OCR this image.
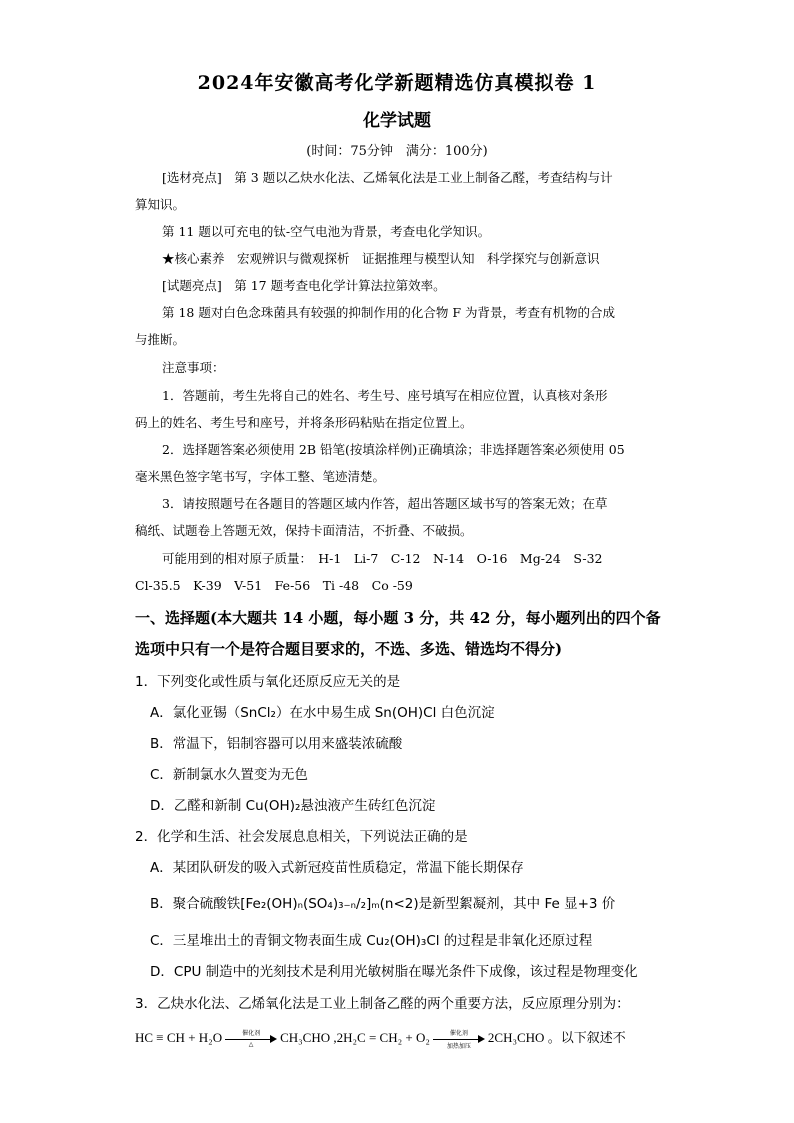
2024年安徽高考化学新题精选仿真模拟卷 1
化学试题
(时间：75分钟　满分：100分)
[选材亮点]　第 3 题以乙炔水化法、乙烯氧化法是工业上制备乙醛，考查结构与计
算知识。
第 11 题以可充电的钛-空气电池为背景，考查电化学知识。
★核心素养　宏观辨识与微观探析　证据推理与模型认知　科学探究与创新意识
[试题亮点]　第 17 题考查电化学计算法拉第效率。
第 18 题对白色念珠菌具有较强的抑制作用的化合物 F 为背景，考查有机物的合成
与推断。
注意事项：
1．答题前，考生先将自己的姓名、考生号、座号填写在相应位置，认真核对条形
码上的姓名、考生号和座号，并将条形码粘贴在指定位置上。
2．选择题答案必须使用 2B 铅笔(按填涂样例)正确填涂；非选择题答案必须使用 05
毫米黑色签字笔书写，字体工整、笔迹清楚。
3．请按照题号在各题目的答题区域内作答，超出答题区域书写的答案无效；在草
稿纸、试题卷上答题无效，保持卡面清洁，不折叠、不破损。
可能用到的相对原子质量：　H-1　Li-7　C-12　N-14　O-16　Mg-24　S-32
Cl-35.5　K-39　V-51　Fe-56　Ti -48　Co -59
一、选择题(本大题共 14 小题，每小题 3 分，共 42 分，每小题列出的四个备
选项中只有一个是符合题目要求的，不选、多选、错选均不得分)
1．下列变化或性质与氧化还原反应无关的是
A．氯化亚锡（SnCl₂）在水中易生成 Sn(OH)Cl 白色沉淀
B．常温下，铝制容器可以用来盛装浓硫酸
C．新制氯水久置变为无色
D．乙醛和新制 Cu(OH)₂悬浊液产生砖红色沉淀
2．化学和生活、社会发展息息相关，下列说法正确的是
A．某团队研发的吸入式新冠疫苗性质稳定，常温下能长期保存
B．聚合硫酸铁[Fe₂(OH)ₙ(SO₄)₃₋ₙ/₂]ₘ(n<2)是新型絮凝剂，其中 Fe 显+3 价
C．三星堆出土的青铜文物表面生成 Cu₂(OH)₃Cl 的过程是非氧化还原过程
D．CPU 制造中的光刻技术是利用光敏树脂在曝光条件下成像，该过程是物理变化
3．乙炔水化法、乙烯氧化法是工业上制备乙醛的两个重要方法，反应原理分别为：
HC ≡ CH + H₂O	催化剂
△	CH₃CHO ,2H₂C = CH₂ + O₂	催化剂
加热加压
2CH₃CHO 。以下叙述不
